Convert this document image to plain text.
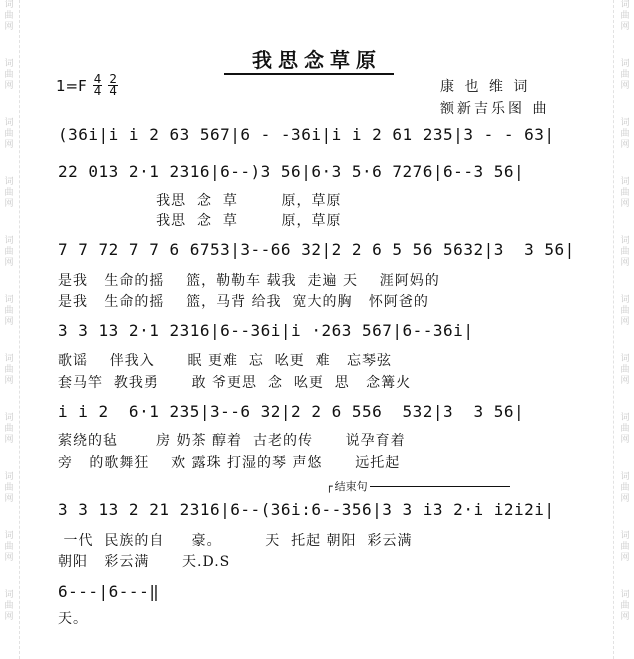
词
曲
网
词
曲
网
词
曲
网
词
曲
网
词
曲
网
词
曲
网
词
曲
网
词
曲
网
词
曲
网
词
曲
网
词
曲
网
词
曲
网
词
曲
网
词
曲
网
词
曲
网
词
曲
网
词
曲
网
词
曲
网
词
曲
网
词
曲
网
词
曲
网
词
曲
网
我思念草原
$1=F \frac{4}{4} \frac{2}{4}$	康 也 维 词
额新吉乐图 曲
(36i|i i 2 63 567|6 - -36i|i i 2 61 235|3 - - 63|
22 013 2·1 2316|6--)3 56|6·3 5·6 7276|6--3 56|
我思  念  草        原，草原
我思  念  草        原，草原
7 7 72 7 7 6 6753|3--66 32|2 2 6 5 56 5632|3  3 56|
是我   生命的摇    篮，勒勒车 载我  走遍 天    涯阿妈的
是我   生命的摇    篮，马背 给我  宽大的胸   怀阿爸的
3 3 13 2·1 2316|6--36i|i ·263 567|6--36i|
歌谣    伴我入      眠 更难  忘  吆更  难   忘琴弦
套马竿  教我勇      敢 爷更思  念  吆更  思   念篝火
i i 2  6·1 235|3--6 32|2 2 6 556  532|3  3 56|
萦绕的毡       房 奶茶 醇着  古老的传      说孕育着
旁   的歌舞狂    欢 露珠 打湿的琴 声悠      远托起
┌ 结束句
3 3 13 2 21 2316|6--(36i:6--356|3 3 i3 2·i i2i2i|
一代  民族的自     豪。        天  托起 朝阳  彩云满
朝阳   彩云满      天.D.S
6---|6---‖
天。
